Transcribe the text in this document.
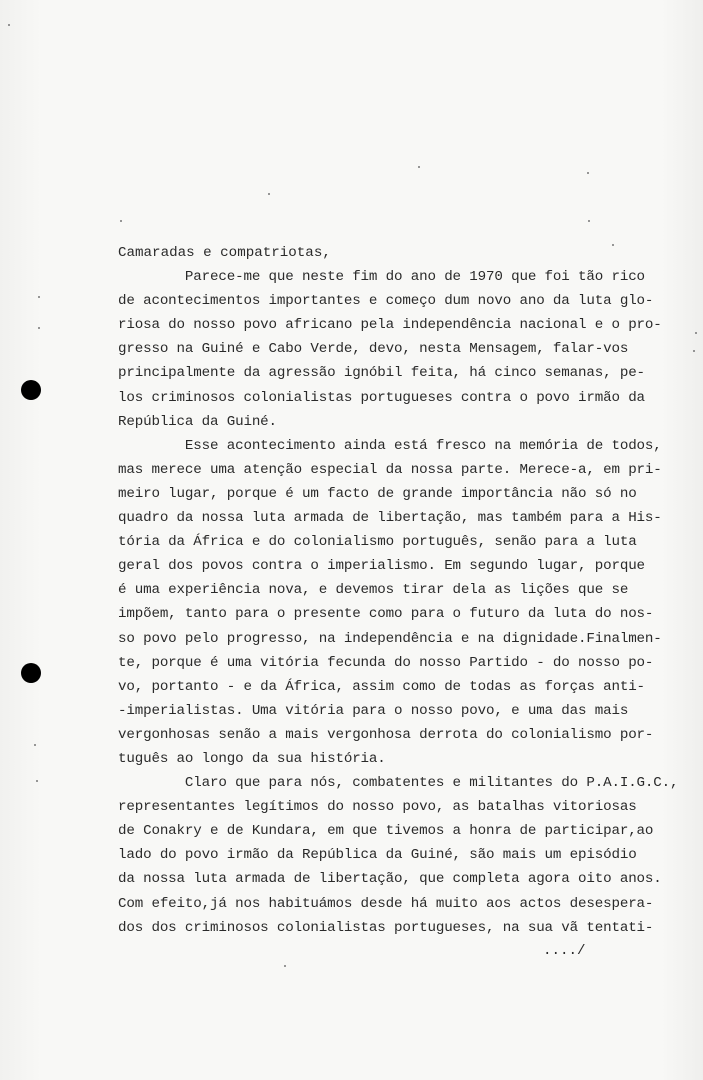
Camaradas e compatriotas,

Parece-me que neste fim do ano de 1970 que foi tão rico
de acontecimentos importantes e começo dum novo ano da luta glo-
riosa do nosso povo africano pela independência nacional e o pro-
gresso na Guiné e Cabo Verde, devo, nesta Mensagem, falar-vos
principalmente da agressão ignóbil feita, há cinco semanas, pe-
los criminosos colonialistas portugueses contra o povo irmão da
República da Guiné.
Esse acontecimento ainda está fresco na memória de todos,
mas merece uma atenção especial da nossa parte. Merece-a, em pri-
meiro lugar, porque é um facto de grande importância não só no
quadro da nossa luta armada de libertação, mas também para a His-
tória da África e do colonialismo português, senão para a luta
geral dos povos contra o imperialismo. Em segundo lugar, porque
é uma experiência nova, e devemos tirar dela as lições que se
impõem, tanto para o presente como para o futuro da luta do nos-
so povo pelo progresso, na independência e na dignidade.Finalmen-
te, porque é uma vitória fecunda do nosso Partido - do nosso po-
vo, portanto - e da África, assim como de todas as forças anti-
-imperialistas. Uma vitória para o nosso povo, e uma das mais
vergonhosas senão a mais vergonhosa derrota do colonialismo por-
tuguês ao longo da sua história.
Claro que para nós, combatentes e militantes do P.A.I.G.C.,
representantes legítimos do nosso povo, as batalhas vitoriosas
de Conakry e de Kundara, em que tivemos a honra de participar,ao
lado do povo irmão da República da Guiné, são mais um episódio
da nossa luta armada de libertação, que completa agora oito anos.
Com efeito,já nos habituámos desde há muito aos actos desespera-
dos dos criminosos colonialistas portugueses, na sua vã tentati-
..../
